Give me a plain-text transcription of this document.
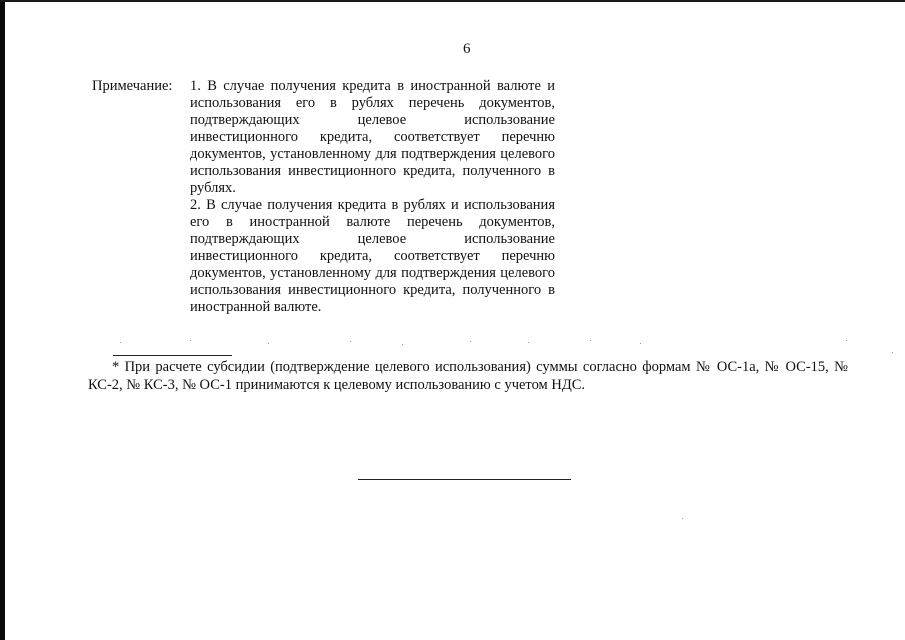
6
Примечание: 1. В случае получения кредита в иностранной валюте и использования его в рублях перечень документов, подтверждающих целевое использование инвестиционного кредита, соответствует перечню документов, установленному для подтверждения целевого использования инвестиционного кредита, полученного в рублях.

2. В случае получения кредита в рублях и использования его в иностранной валюте перечень документов, подтверждающих целевое использование инвестиционного кредита, соответствует перечню документов, установленному для подтверждения целевого использования инвестиционного кредита, полученного в иностранной валюте.

* При расчете субсидии (подтверждение целевого использования) суммы согласно формам № ОС-1а, № ОС-15, № КС-2, № КС-3, № ОС-1 принимаются к целевому использованию с учетом НДС.
